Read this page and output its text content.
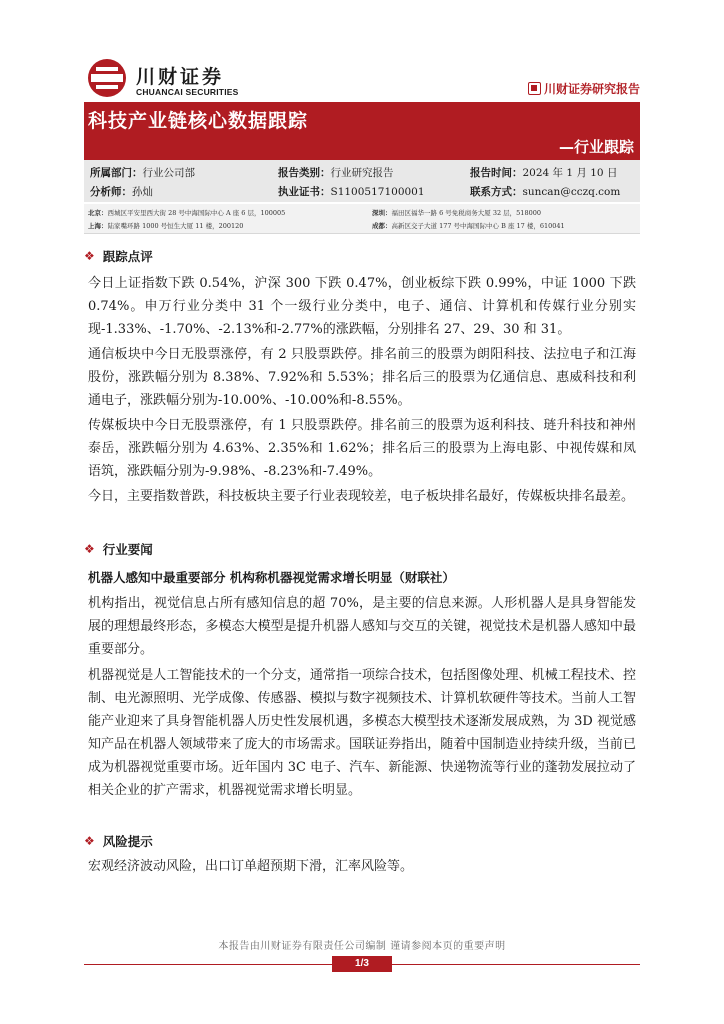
川财证券
CHUANCAI SECURITIES	川财证券研究报告
科技产业链核心数据跟踪
—行业跟踪
所属部门：行业公司部	报告类别：行业研究报告	报告时间：2024 年 1 月 10 日
分析师：孙灿	执业证书：S1100517100001	联系方式：suncan@cczq.com
北京：西城区平安里西大街 28 号中海国际中心 A 座 6 层，100005	深圳：福田区福华一路 6 号免税商务大厦 32 层，518000
上海：陆家嘴环路 1000 号恒生大厦 11 楼，200120	成都：高新区交子大道 177 号中海国际中心 B 座 17 楼，610041
❖ 跟踪点评

今日上证指数下跌 0.54%，沪深 300 下跌 0.47%，创业板综下跌 0.99%，中证 1000 下跌 0.74%。申万行业分类中 31 个一级行业分类中，电子、通信、计算机和传媒行业分别实现-1.33%、-1.70%、-2.13%和-2.77%的涨跌幅，分别排名 27、29、30 和 31。

通信板块中今日无股票涨停，有 2 只股票跌停。排名前三的股票为朗阳科技、法拉电子和江海股份，涨跌幅分别为 8.38%、7.92%和 5.53%；排名后三的股票为亿通信息、惠威科技和利通电子，涨跌幅分别为-10.00%、-10.00%和-8.55%。

传媒板块中今日无股票涨停，有 1 只股票跌停。排名前三的股票为返利科技、琏升科技和神州泰岳，涨跌幅分别为 4.63%、2.35%和 1.62%；排名后三的股票为上海电影、中视传媒和凤语筑，涨跌幅分别为-9.98%、-8.23%和-7.49%。

今日，主要指数普跌，科技板块主要子行业表现较差，电子板块排名最好，传媒板块排名最差。

❖ 行业要闻
机器人感知中最重要部分 机构称机器视觉需求增长明显（财联社）

机构指出，视觉信息占所有感知信息的超 70%，是主要的信息来源。人形机器人是具身智能发展的理想最终形态，多模态大模型是提升机器人感知与交互的关键，视觉技术是机器人感知中最重要部分。

机器视觉是人工智能技术的一个分支，通常指一项综合技术，包括图像处理、机械工程技术、控制、电光源照明、光学成像、传感器、模拟与数字视频技术、计算机软硬件等技术。当前人工智能产业迎来了具身智能机器人历史性发展机遇，多模态大模型技术逐渐发展成熟，为 3D 视觉感知产品在机器人领域带来了庞大的市场需求。国联证券指出，随着中国制造业持续升级，当前已成为机器视觉重要市场。近年国内 3C 电子、汽车、新能源、快递物流等行业的蓬勃发展拉动了相关企业的扩产需求，机器视觉需求增长明显。

❖ 风险提示

宏观经济波动风险，出口订单超预期下滑，汇率风险等。

本报告由川财证券有限责任公司编制 谨请参阅本页的重要声明
1/3
